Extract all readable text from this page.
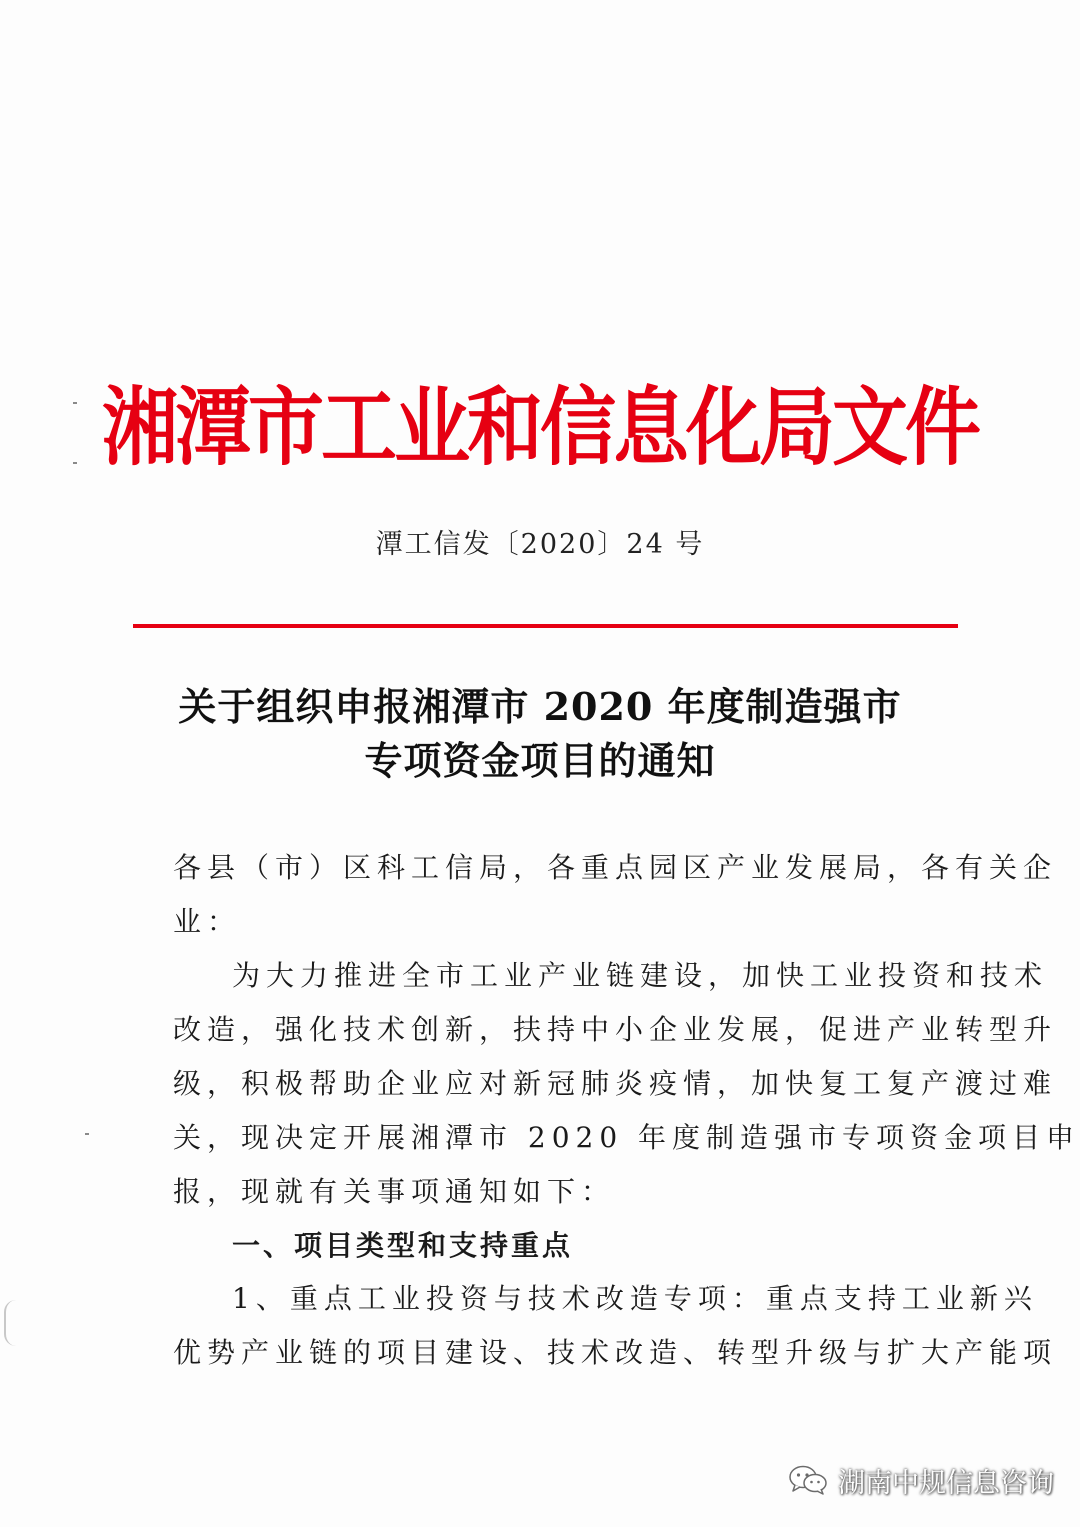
湘潭市工业和信息化局文件
潭工信发〔2020〕24 号
关于组织申报湘潭市 2020 年度制造强市
专项资金项目的通知
各县（市）区科工信局，各重点园区产业发展局，各有关企
业：
为大力推进全市工业产业链建设，加快工业投资和技术
改造，强化技术创新，扶持中小企业发展，促进产业转型升
级，积极帮助企业应对新冠肺炎疫情，加快复工复产渡过难
关，现决定开展湘潭市 2020 年度制造强市专项资金项目申
报，现就有关事项通知如下：
一、项目类型和支持重点
1、重点工业投资与技术改造专项：重点支持工业新兴
优势产业链的项目建设、技术改造、转型升级与扩大产能项
湖南中规信息咨询
